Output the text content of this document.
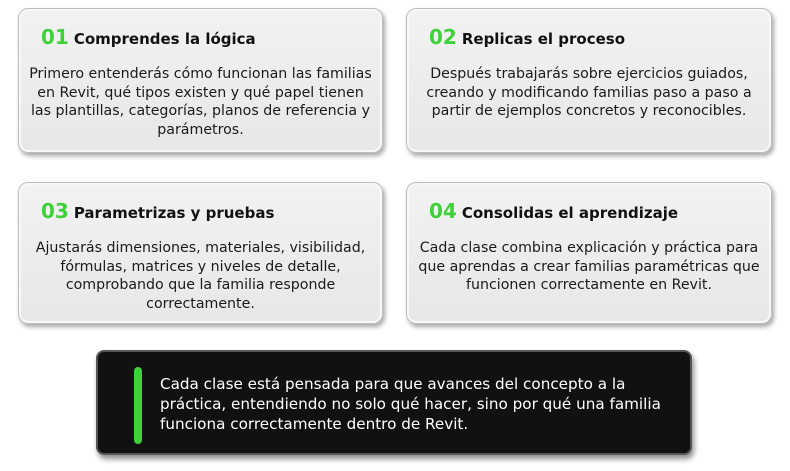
01 Comprendes la lógica
Primero entenderás cómo funcionan las familias en Revit, qué tipos existen y qué papel tienen las plantillas, categorías, planos de referencia y parámetros.
02 Replicas el proceso
Después trabajarás sobre ejercicios guiados, creando y modificando familias paso a paso a partir de ejemplos concretos y reconocibles.
03 Parametrizas y pruebas
Ajustarás dimensiones, materiales, visibilidad, fórmulas, matrices y niveles de detalle, comprobando que la familia responde correctamente.
04 Consolidas el aprendizaje
Cada clase combina explicación y práctica para que aprendas a crear familias paramétricas que funcionen correctamente en Revit.
Cada clase está pensada para que avances del concepto a la práctica, entendiendo no solo qué hacer, sino por qué una familia funciona correctamente dentro de Revit.
